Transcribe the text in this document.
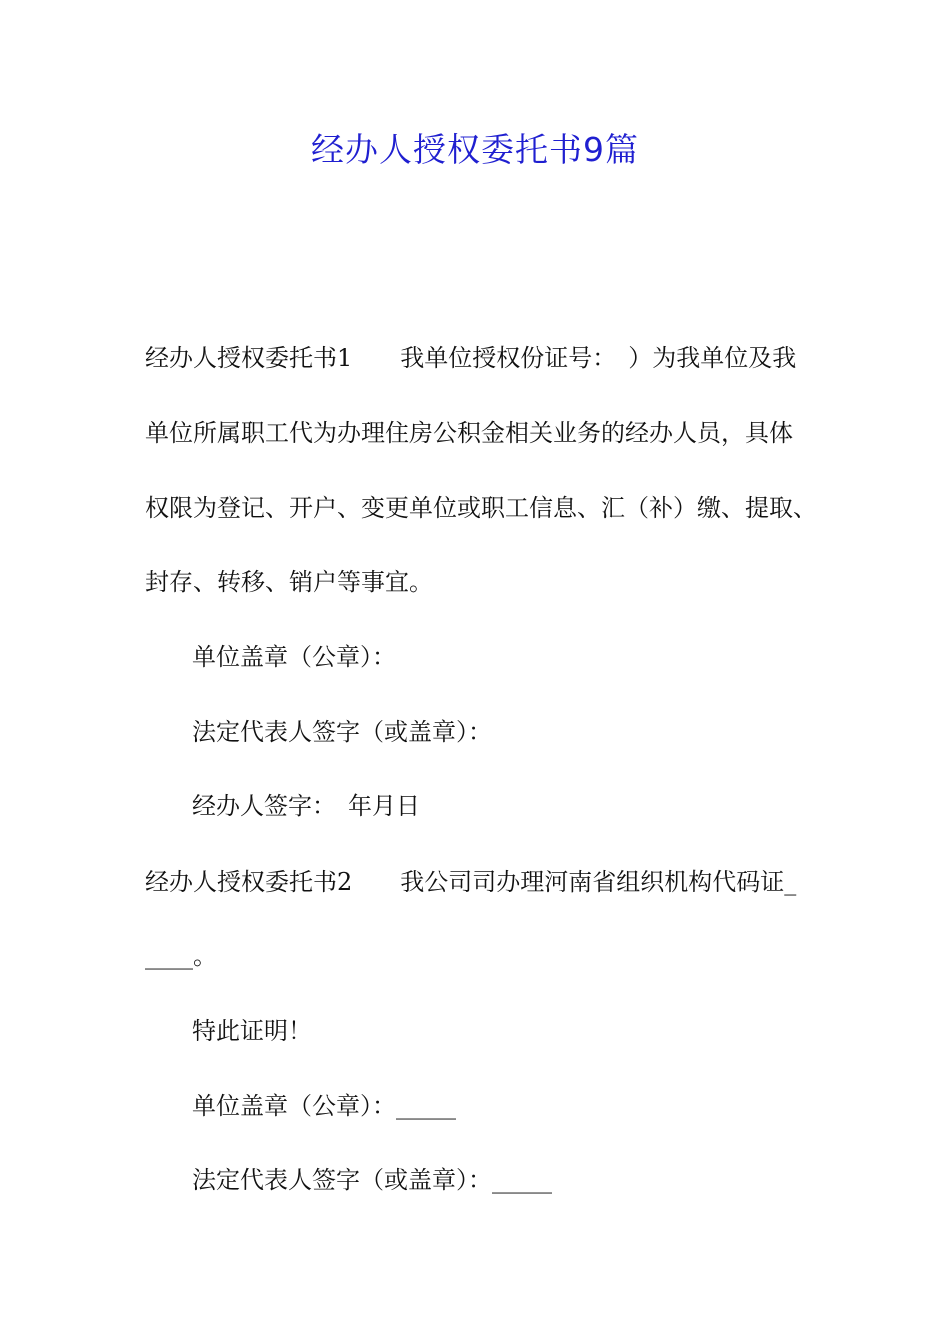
经办人授权委托书9篇
经办人授权委托书1　　我单位授权份证号：　）为我单位及我
单位所属职工代为办理住房公积金相关业务的经办人员，具体
权限为登记、开户、变更单位或职工信息、汇（补）缴、提取、
封存、转移、销户等事宜。
单位盖章（公章）：
法定代表人签字（或盖章）：
经办人签字：　年月日
经办人授权委托书2　　我公司司办理河南省组织机构代码证_
____。
特此证明！
单位盖章（公章）：_____
法定代表人签字（或盖章）：_____
